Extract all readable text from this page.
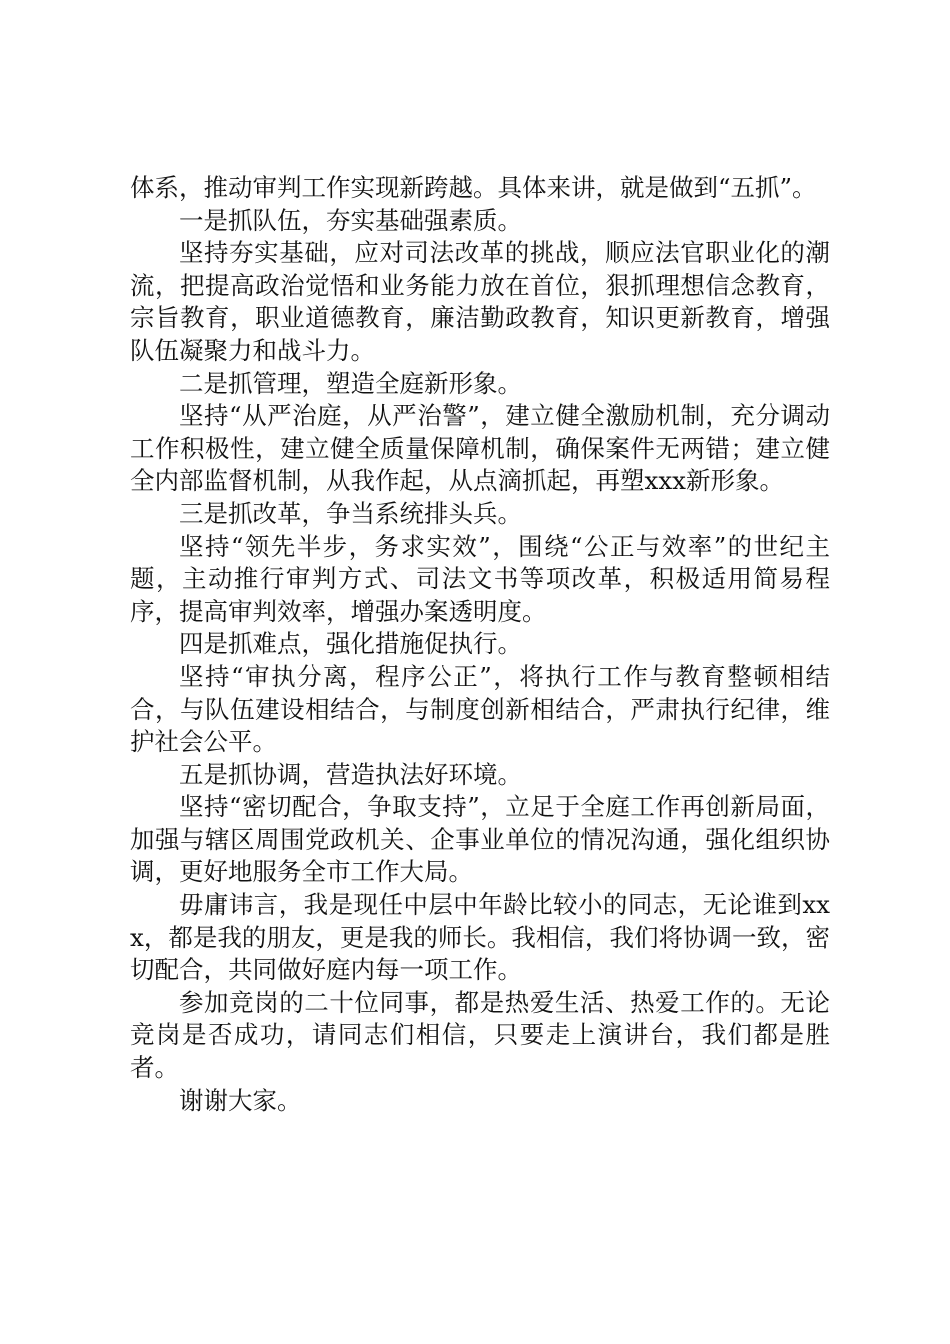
体系，推动审判工作实现新跨越。具体来讲，就是做到“五抓”。

一是抓队伍，夯实基础强素质。

坚持夯实基础，应对司法改革的挑战，顺应法官职业化的潮流，把提高政治觉悟和业务能力放在首位，狠抓理想信念教育，宗旨教育，职业道德教育，廉洁勤政教育，知识更新教育，增强队伍凝聚力和战斗力。

二是抓管理，塑造全庭新形象。

坚持“从严治庭，从严治警”，建立健全激励机制，充分调动工作积极性，建立健全质量保障机制，确保案件无两错；建立健全内部监督机制，从我作起，从点滴抓起，再塑xxx新形象。

三是抓改革，争当系统排头兵。

坚持“领先半步，务求实效”，围绕“公正与效率”的世纪主题，主动推行审判方式、司法文书等项改革，积极适用简易程序，提高审判效率，增强办案透明度。

四是抓难点，强化措施促执行。

坚持“审执分离，程序公正”，将执行工作与教育整顿相结合，与队伍建设相结合，与制度创新相结合，严肃执行纪律，维护社会公平。

五是抓协调，营造执法好环境。

坚持“密切配合，争取支持”，立足于全庭工作再创新局面，加强与辖区周围党政机关、企事业单位的情况沟通，强化组织协调，更好地服务全市工作大局。

毋庸讳言，我是现任中层中年龄比较小的同志，无论谁到xxx，都是我的朋友，更是我的师长。我相信，我们将协调一致，密切配合，共同做好庭内每一项工作。

参加竞岗的二十位同事，都是热爱生活、热爱工作的。无论竞岗是否成功，请同志们相信，只要走上演讲台，我们都是胜者。

谢谢大家。
